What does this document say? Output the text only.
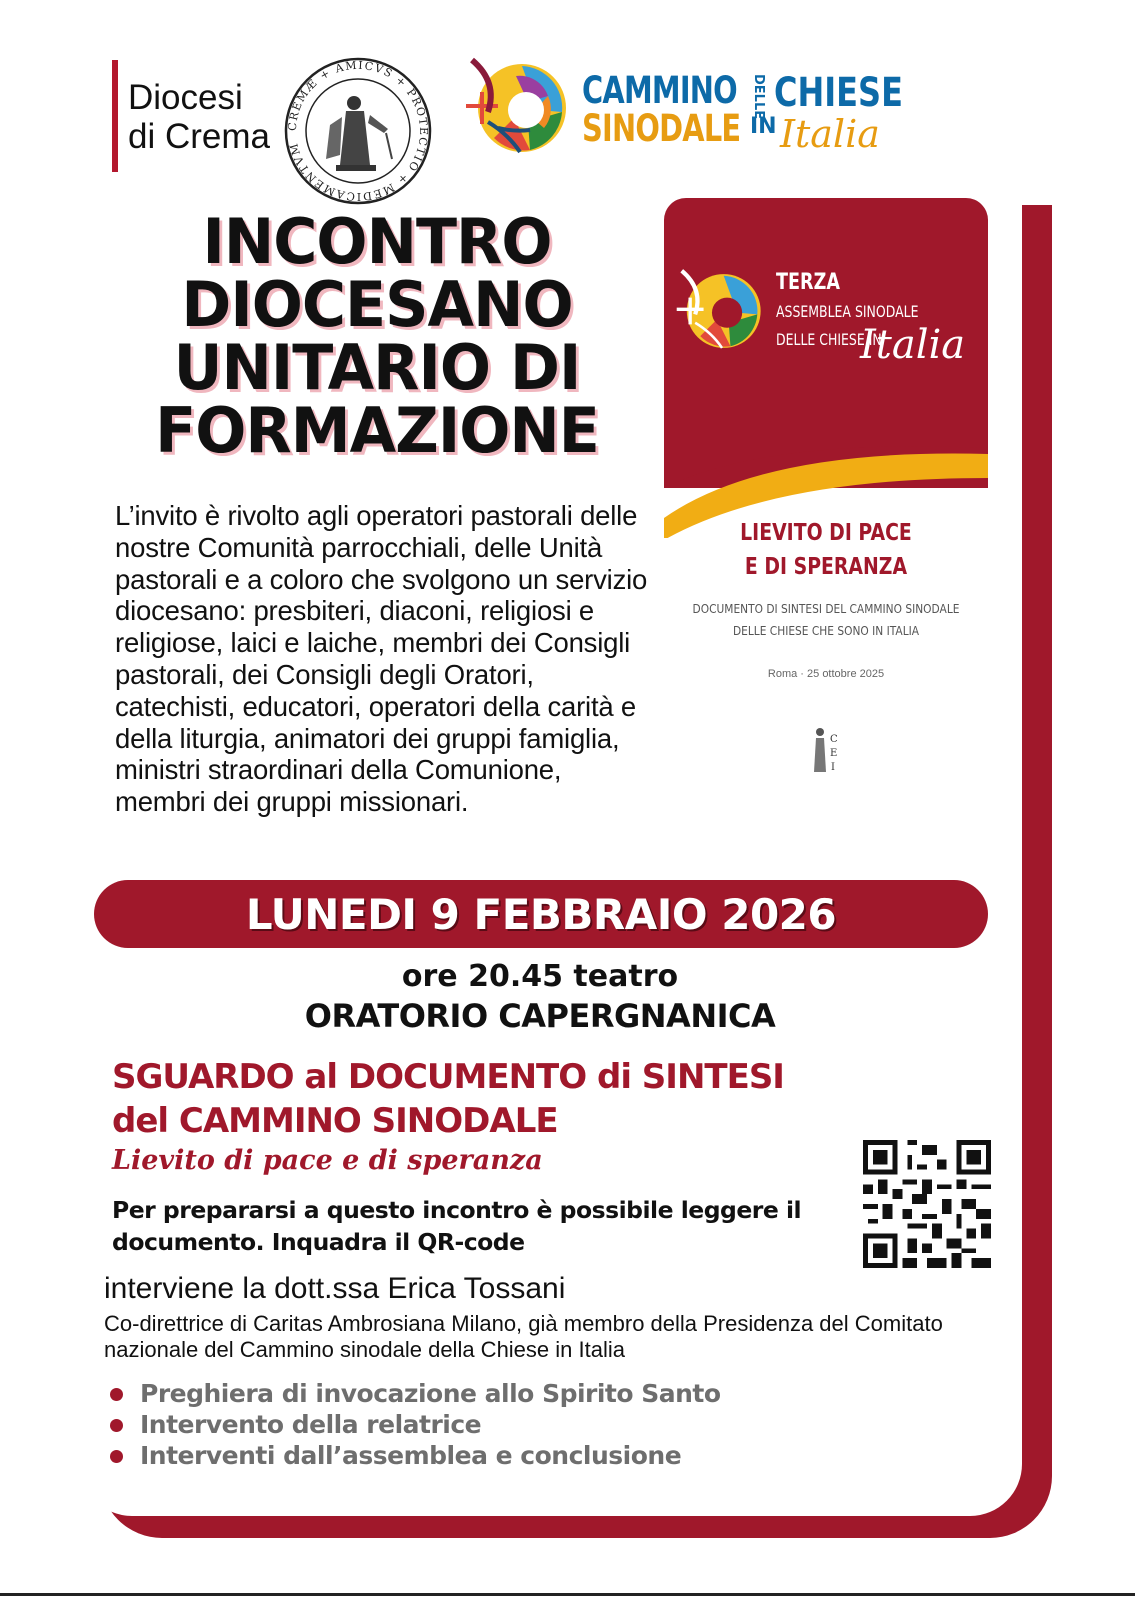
Diocesi
di Crema	CREMÆ + AMICVS + PROTECTIO + MEDICAMENTVM
CAMMINO
SINODALE
DELLE
IN
CHIESE
Italia
INCONTRO
DIOCESANO
UNITARIO DI
FORMAZIONE
L’invito è rivolto agli operatori pastorali delle nostre Comunità parrocchiali, delle Unità pastorali e a coloro che svolgono un servizio diocesano: presbiteri, diaconi, religiosi e religiose, laici e laiche, membri dei Consigli pastorali, dei Consigli degli Oratori, catechisti, educatori, operatori della carità e della liturgia, animatori dei gruppi famiglia, ministri straordinari della Comunione, membri dei gruppi missionari.
TERZA
ASSEMBLEA SINODALE
DELLE CHIESE IN
Italia
LIEVITO DI PACE
E DI SPERANZA
DOCUMENTO DI SINTESI DEL CAMMINO SINODALE
DELLE CHIESE CHE SONO IN ITALIA
Roma · 25 ottobre 2025
C
E
I
LUNEDI 9 FEBBRAIO 2026
ore 20.45 teatro
ORATORIO CAPERGNANICA
SGUARDO al DOCUMENTO di SINTESI
del CAMMINO SINODALE
Lievito di pace e di speranza
Per prepararsi a questo incontro è possibile leggere il documento. Inquadra il QR-code
interviene la dott.ssa Erica Tossani
Co-direttrice di Caritas Ambrosiana Milano, già membro della Presidenza del Comitato nazionale del Cammino sinodale della Chiese in Italia
Preghiera di invocazione allo Spirito Santo
Intervento della relatrice
Interventi dall’assemblea e conclusione
